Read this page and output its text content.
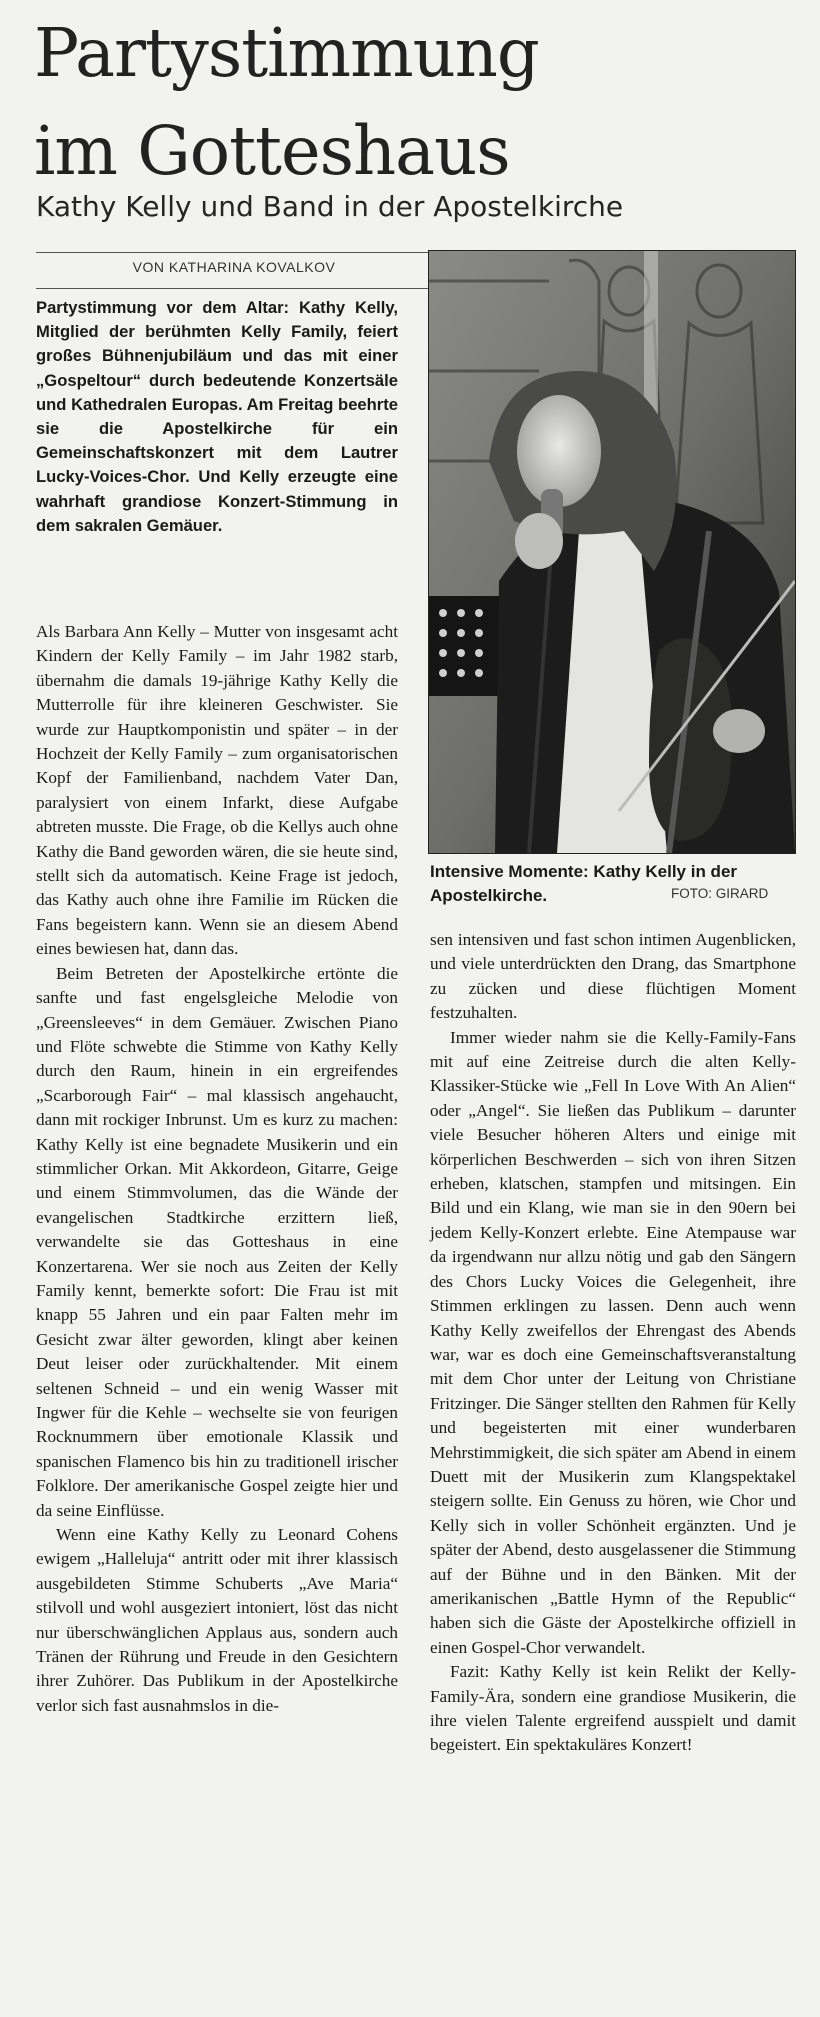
Partystimmung
im Gotteshaus
Kathy Kelly und Band in der Apostelkirche
VON KATHARINA KOVALKOV

Partystimmung vor dem Altar: Kathy Kelly, Mitglied der berühmten Kelly Family, feiert großes Bühnenjubiläum und das mit einer „Gospeltour“ durch bedeutende Konzertsäle und Kathedralen Europas. Am Freitag beehrte sie die Apostelkirche für ein Gemeinschaftskonzert mit dem Lautrer Lucky-Voices-Chor. Und Kelly erzeugte eine wahrhaft grandiose Konzert-Stimmung in dem sakralen Gemäuer.

Als Barbara Ann Kelly – Mutter von insgesamt acht Kindern der Kelly Family – im Jahr 1982 starb, übernahm die damals 19-jährige Kathy Kelly die Mutterrolle für ihre kleineren Geschwister. Sie wurde zur Hauptkomponistin und später – in der Hochzeit der Kelly Family – zum organisatorischen Kopf der Familienband, nachdem Vater Dan, paralysiert von einem Infarkt, diese Aufgabe abtreten musste. Die Frage, ob die Kellys auch ohne Kathy die Band geworden wären, die sie heute sind, stellt sich da automatisch. Keine Frage ist jedoch, das Kathy auch ohne ihre Familie im Rücken die Fans begeistern kann. Wenn sie an diesem Abend eines bewiesen hat, dann das.

Beim Betreten der Apostelkirche ertönte die sanfte und fast engelsgleiche Melodie von „Greensleeves“ in dem Gemäuer. Zwischen Piano und Flöte schwebte die Stimme von Kathy Kelly durch den Raum, hinein in ein ergreifendes „Scarborough Fair“ – mal klassisch angehaucht, dann mit rockiger Inbrunst. Um es kurz zu machen: Kathy Kelly ist eine begnadete Musikerin und ein stimmlicher Orkan. Mit Akkordeon, Gitarre, Geige und einem Stimmvolumen, das die Wände der evangelischen Stadtkirche erzittern ließ, verwandelte sie das Gotteshaus in eine Konzertarena. Wer sie noch aus Zeiten der Kelly Family kennt, bemerkte sofort: Die Frau ist mit knapp 55 Jahren und ein paar Falten mehr im Gesicht zwar älter geworden, klingt aber keinen Deut leiser oder zurückhaltender. Mit einem seltenen Schneid – und ein wenig Wasser mit Ingwer für die Kehle – wechselte sie von feurigen Rocknummern über emotionale Klassik und spanischen Flamenco bis hin zu traditionell irischer Folklore. Der amerikanische Gospel zeigte hier und da seine Einflüsse.

Wenn eine Kathy Kelly zu Leonard Cohens ewigem „Halleluja“ antritt oder mit ihrer klassisch ausgebildeten Stimme Schuberts „Ave Maria“ stilvoll und wohl ausgeziert intoniert, löst das nicht nur überschwänglichen Applaus aus, sondern auch Tränen der Rührung und Freude in den Gesichtern ihrer Zuhörer. Das Publikum in der Apostelkirche verlor sich fast ausnahmslos in die-

Intensive Momente: Kathy Kelly in der Apostelkirche.	FOTO: GIRARD

sen intensiven und fast schon intimen Augenblicken, und viele unterdrückten den Drang, das Smartphone zu zücken und diese flüchtigen Moment festzuhalten.

Immer wieder nahm sie die Kelly-Family-Fans mit auf eine Zeitreise durch die alten Kelly-Klassiker-Stücke wie „Fell In Love With An Alien“ oder „Angel“. Sie ließen das Publikum – darunter viele Besucher höheren Alters und einige mit körperlichen Beschwerden – sich von ihren Sitzen erheben, klatschen, stampfen und mitsingen. Ein Bild und ein Klang, wie man sie in den 90ern bei jedem Kelly-Konzert erlebte. Eine Atempause war da irgendwann nur allzu nötig und gab den Sängern des Chors Lucky Voices die Gelegenheit, ihre Stimmen erklingen zu lassen. Denn auch wenn Kathy Kelly zweifellos der Ehrengast des Abends war, war es doch eine Gemeinschaftsveranstaltung mit dem Chor unter der Leitung von Christiane Fritzinger. Die Sänger stellten den Rahmen für Kelly und begeisterten mit einer wunderbaren Mehrstimmigkeit, die sich später am Abend in einem Duett mit der Musikerin zum Klangspektakel steigern sollte. Ein Genuss zu hören, wie Chor und Kelly sich in voller Schönheit ergänzten. Und je später der Abend, desto ausgelassener die Stimmung auf der Bühne und in den Bänken. Mit der amerikanischen „Battle Hymn of the Republic“ haben sich die Gäste der Apostelkirche offiziell in einen Gospel-Chor verwandelt.

Fazit: Kathy Kelly ist kein Relikt der Kelly-Family-Ära, sondern eine grandiose Musikerin, die ihre vielen Talente ergreifend ausspielt und damit begeistert. Ein spektakuläres Konzert!
